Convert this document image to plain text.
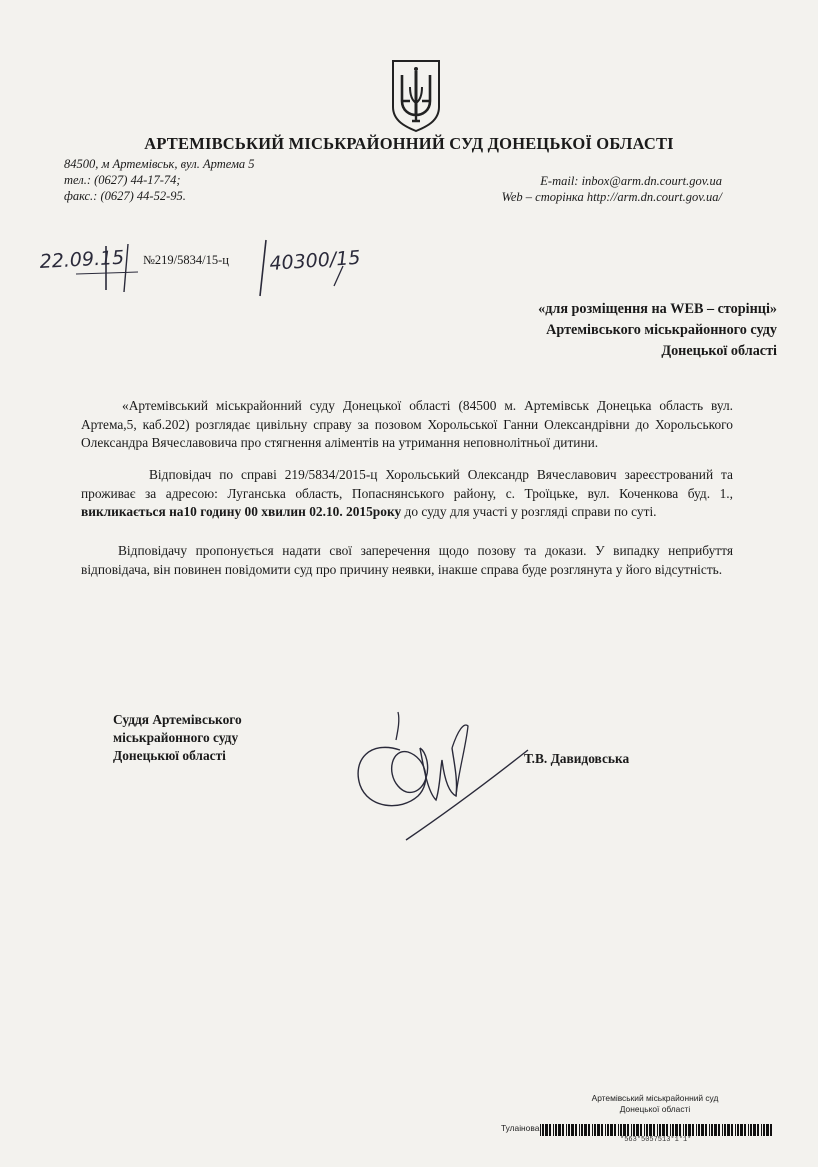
АРТЕМІВСЬКИЙ МІСЬКРАЙОННИЙ СУД ДОНЕЦЬКОЇ ОБЛАСТІ
84500, м Артемівськ, вул. Артема 5
тел.: (0627) 44-17-74;
факс.: (0627) 44-52-95.
E-mail: inbox@arm.dn.court.gov.ua
Web – сторінка http://arm.dn.court.gov.ua/
22.09.15	40300/15
№219/5834/15-ц
«для розміщення на WEB – сторінці»
Артемівського міськрайонного суду
Донецької області
«Артемівський міськрайонний суду Донецької області (84500 м. Артемівськ Донецька область вул. Артема,5, каб.202) розглядає цивільну справу за позовом Хорольської Ганни Олександрівни до Хорольського Олександра Вячеславовича про стягнення аліментів на утримання неповнолітньої дитини.
Відповідач по справі 219/5834/2015-ц Хорольський Олександр Вячеславович зареєстрований та проживає за адресою: Луганська область, Попаснянського району, с. Троїцьке, вул. Коченкова буд. 1., викликається на10 годину 00 хвилин 02.10. 2015року до суду для участі у розгляді справи по суті.
Відповідачу пропонується надати свої заперечення щодо позову та докази. У випадку неприбуття відповідача, він повинен повідомити суд про причину неявки, інакше справа буде розглянута у його відсутність.
Суддя Артемівського
міськрайонного суду
Донецькюї області	Т.В. Давидовська
Артемівський міськрайонний суд
Донецької області
Тулаінова
*563*5057513*1*1*
